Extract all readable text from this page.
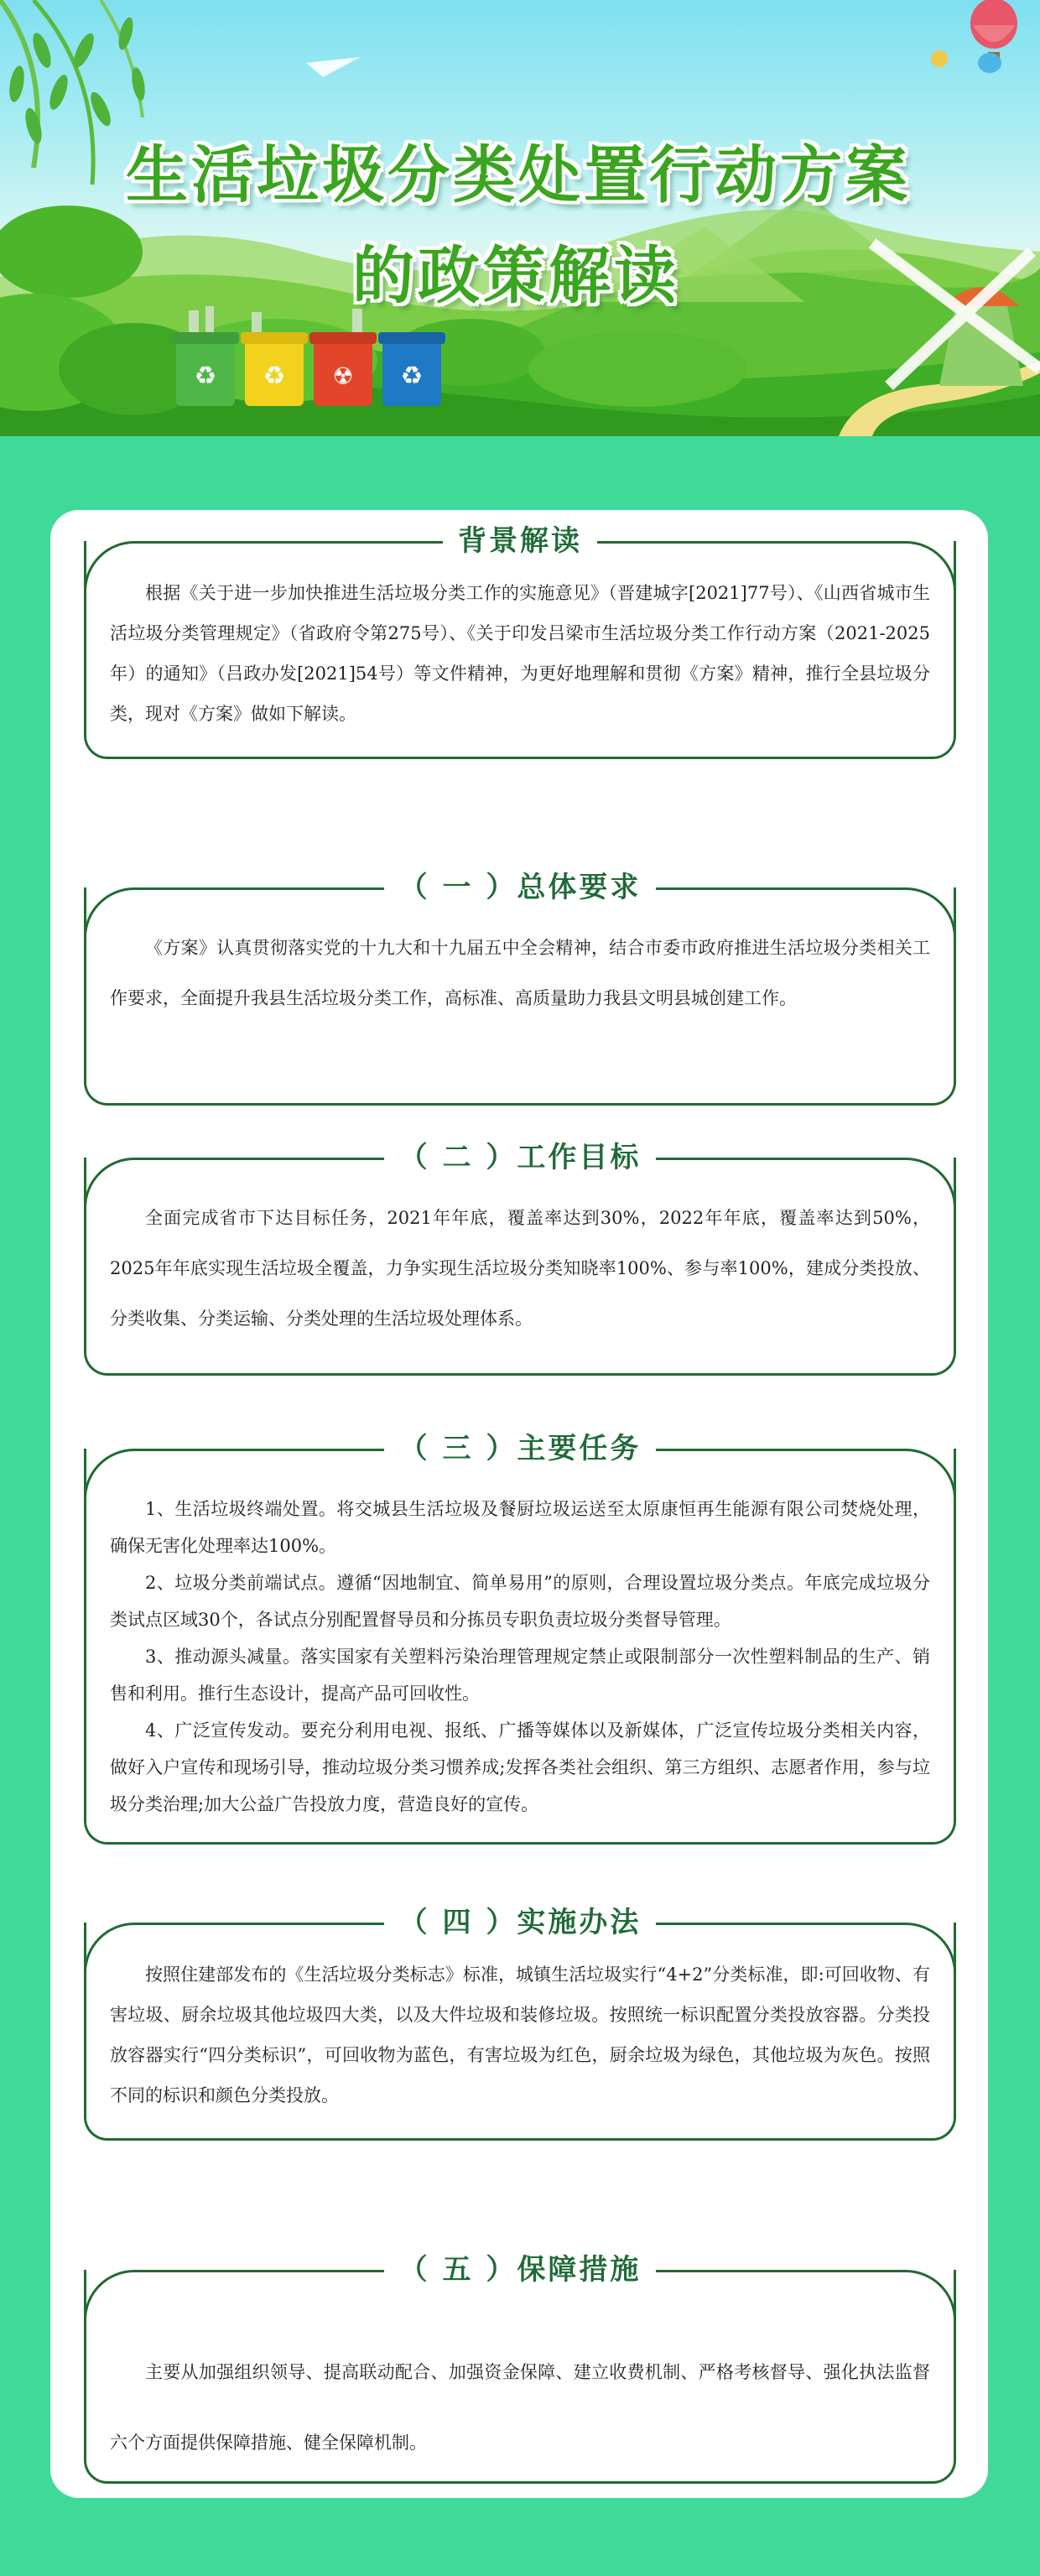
♻ ♻ ☢ ♻
生活垃圾分类处置行动方案
的政策解读
背景解读

根据《关于进一步加快推进生活垃圾分类工作的实施意见》（晋建城字[2021]77号）、《山西省城市生活垃圾分类管理规定》（省政府令第275号）、《关于印发吕梁市生活垃圾分类工作行动方案（2021-2025年）的通知》（吕政办发[2021]54号）等文件精神，为更好地理解和贯彻《方案》精神，推行全县垃圾分类，现对《方案》做如下解读。

（ 一 ）总体要求

《方案》认真贯彻落实党的十九大和十九届五中全会精神，结合市委市政府推进生活垃圾分类相关工作要求，全面提升我县生活垃圾分类工作，高标准、高质量助力我县文明县城创建工作。

（ 二 ）工作目标

全面完成省市下达目标任务，2021年年底，覆盖率达到30%，2022年年底，覆盖率达到50%，2025年年底实现生活垃圾全覆盖，力争实现生活垃圾分类知晓率100%、参与率100%，建成分类投放、分类收集、分类运输、分类处理的生活垃圾处理体系。

（ 三 ）主要任务

1、生活垃圾终端处置。将交城县生活垃圾及餐厨垃圾运送至太原康恒再生能源有限公司焚烧处理，确保无害化处理率达100%。

2、垃圾分类前端试点。遵循“因地制宜、简单易用”的原则，合理设置垃圾分类点。年底完成垃圾分类试点区域30个，各试点分别配置督导员和分拣员专职负责垃圾分类督导管理。

3、推动源头减量。落实国家有关塑料污染治理管理规定禁止或限制部分一次性塑料制品的生产、销售和利用。推行生态设计，提高产品可回收性。

4、广泛宣传发动。要充分利用电视、报纸、广播等媒体以及新媒体，广泛宣传垃圾分类相关内容，做好入户宣传和现场引导，推动垃圾分类习惯养成;发挥各类社会组织、第三方组织、志愿者作用，参与垃圾分类治理;加大公益广告投放力度，营造良好的宣传。

（ 四 ）实施办法

按照住建部发布的《生活垃圾分类标志》标准，城镇生活垃圾实行“4+2”分类标准，即:可回收物、有害垃圾、厨余垃圾其他垃圾四大类，以及大件垃圾和装修垃圾。按照统一标识配置分类投放容器。分类投放容器实行“四分类标识”，可回收物为蓝色，有害垃圾为红色，厨余垃圾为绿色，其他垃圾为灰色。按照不同的标识和颜色分类投放。

（ 五 ）保障措施

主要从加强组织领导、提高联动配合、加强资金保障、建立收费机制、严格考核督导、强化执法监督六个方面提供保障措施、健全保障机制。
